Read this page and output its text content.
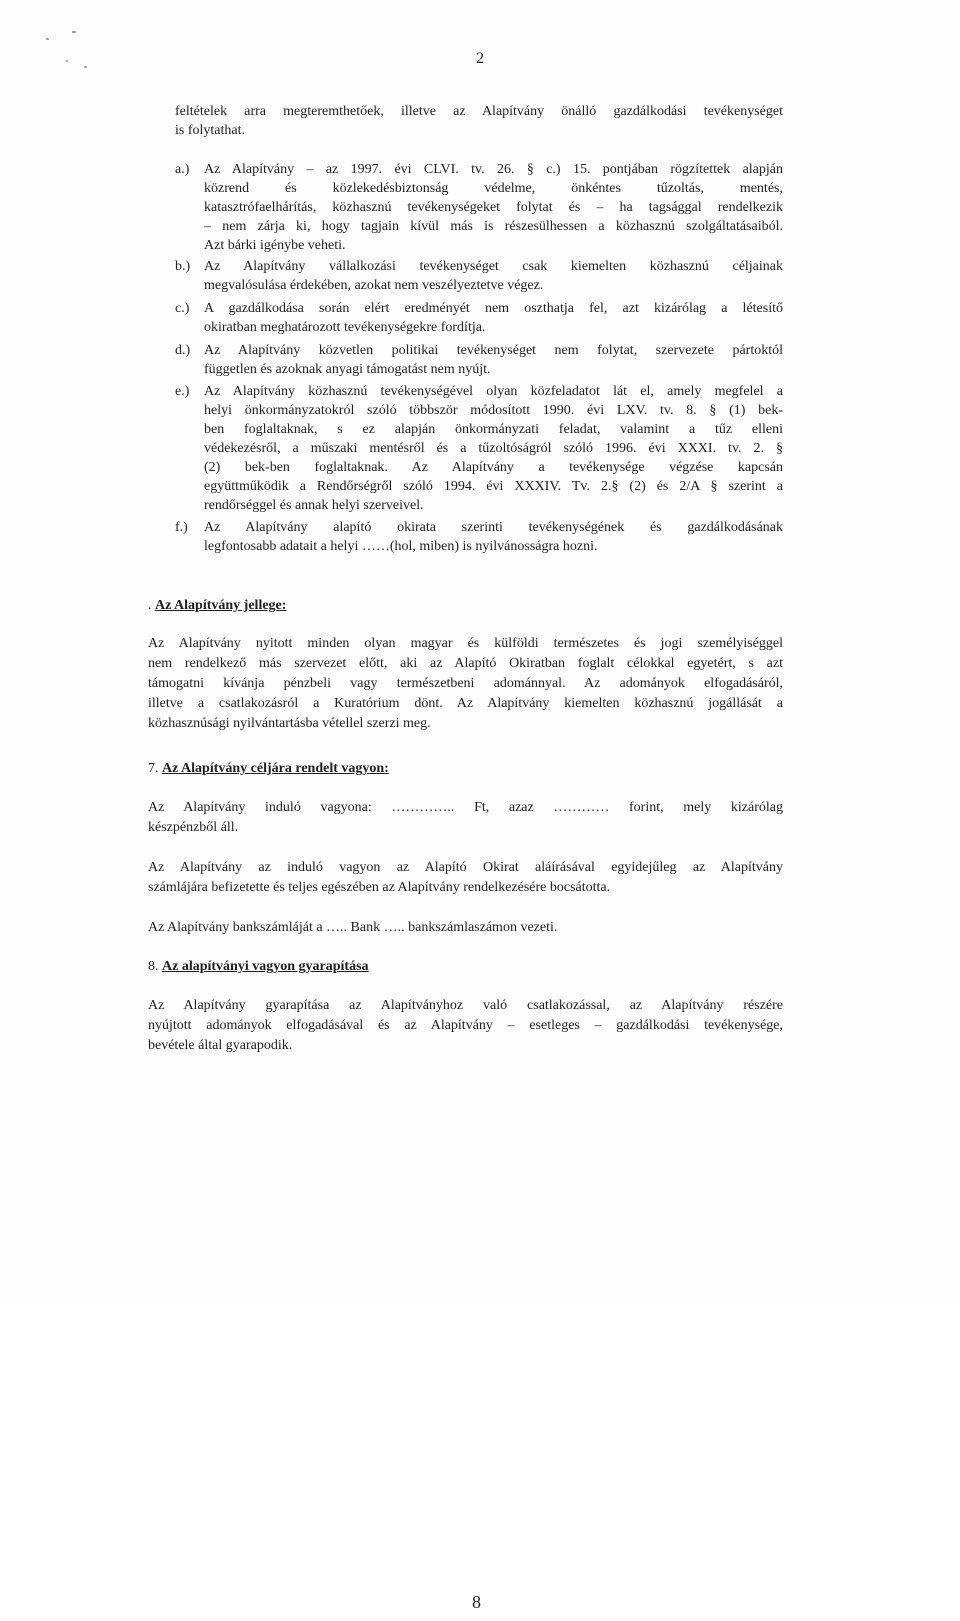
2
feltételek arra megteremthetőek, illetve az Alapítvány önálló gazdálkodási tevékenységet
is folytathat.
a.) Az Alapítvány – az 1997. évi CLVI. tv. 26. § c.) 15. pontjában rögzítettek alapján
közrend és közlekedésbiztonság védelme, önkéntes tűzoltás, mentés,
katasztrófaelhárítás, közhasznú tevékenységeket folytat és – ha tagsággal rendelkezik
– nem zárja ki, hogy tagjain kívül más is részesülhessen a közhasznú szolgáltatásaiból.
Azt bárki igénybe veheti.
b.) Az Alapítvány vállalkozási tevékenységet csak kiemelten közhasznú céljainak
megvalósulása érdekében, azokat nem veszélyeztetve végez.
c.) A gazdálkodása során elért eredményét nem oszthatja fel, azt kizárólag a létesítő
okiratban meghatározott tevékenységekre fordítja.
d.) Az Alapítvány közvetlen politikai tevékenységet nem folytat, szervezete pártoktól
független és azoknak anyagi támogatást nem nyújt.
e.) Az Alapítvány közhasznú tevékenységével olyan közfeladatot lát el, amely megfelel a
helyi önkormányzatokról szóló többször módosított 1990. évi LXV. tv. 8. § (1) bek-
ben foglaltaknak, s ez alapján önkormányzati feladat, valamint a tűz elleni
védekezésről, a műszaki mentésről és a tűzoltóságról szóló 1996. évi XXXI. tv. 2. §
(2) bek-ben foglaltaknak. Az Alapítvány a tevékenysége végzése kapcsán
együttműködik a Rendőrségről szóló 1994. évi XXXIV. Tv. 2.§ (2) és 2/A § szerint a
rendőrséggel és annak helyi szerveivel.
f.) Az Alapítvány alapító okirata szerinti tevékenységének és gazdálkodásának
legfontosabb adatait a helyi ……(hol, miben) is nyilvánosságra hozni.
. Az Alapítvány jellege:
Az Alapítvány nyitott minden olyan magyar és külföldi természetes és jogi személyiséggel
nem rendelkező más szervezet előtt, aki az Alapító Okiratban foglalt célokkal egyetért, s azt
támogatni kívánja pénzbeli vagy természetbeni adománnyal. Az adományok elfogadásáról,
illetve a csatlakozásról a Kuratórium dönt. Az Alapítvány kiemelten közhasznú jogállását a
közhasznúsági nyilvántartásba vétellel szerzi meg.
7. Az Alapítvány céljára rendelt vagyon:
Az Alapítvány induló vagyona: ………….. Ft, azaz ………… forint, mely kizárólag
készpénzből áll.
Az Alapítvány az induló vagyon az Alapító Okirat aláírásával egyidejűleg az Alapítvány
számlájára befizetette és teljes egészében az Alapítvány rendelkezésére bocsátotta.
Az Alapítvány bankszámláját a ….. Bank ….. bankszámlaszámon vezeti.
8. Az alapítványi vagyon gyarapítása
Az Alapítvány gyarapítása az Alapítványhoz való csatlakozással, az Alapítvány részére
nyújtott adományok elfogadásával és az Alapítvány – esetleges – gazdálkodási tevékenysége,
bevétele által gyarapodik.
8
